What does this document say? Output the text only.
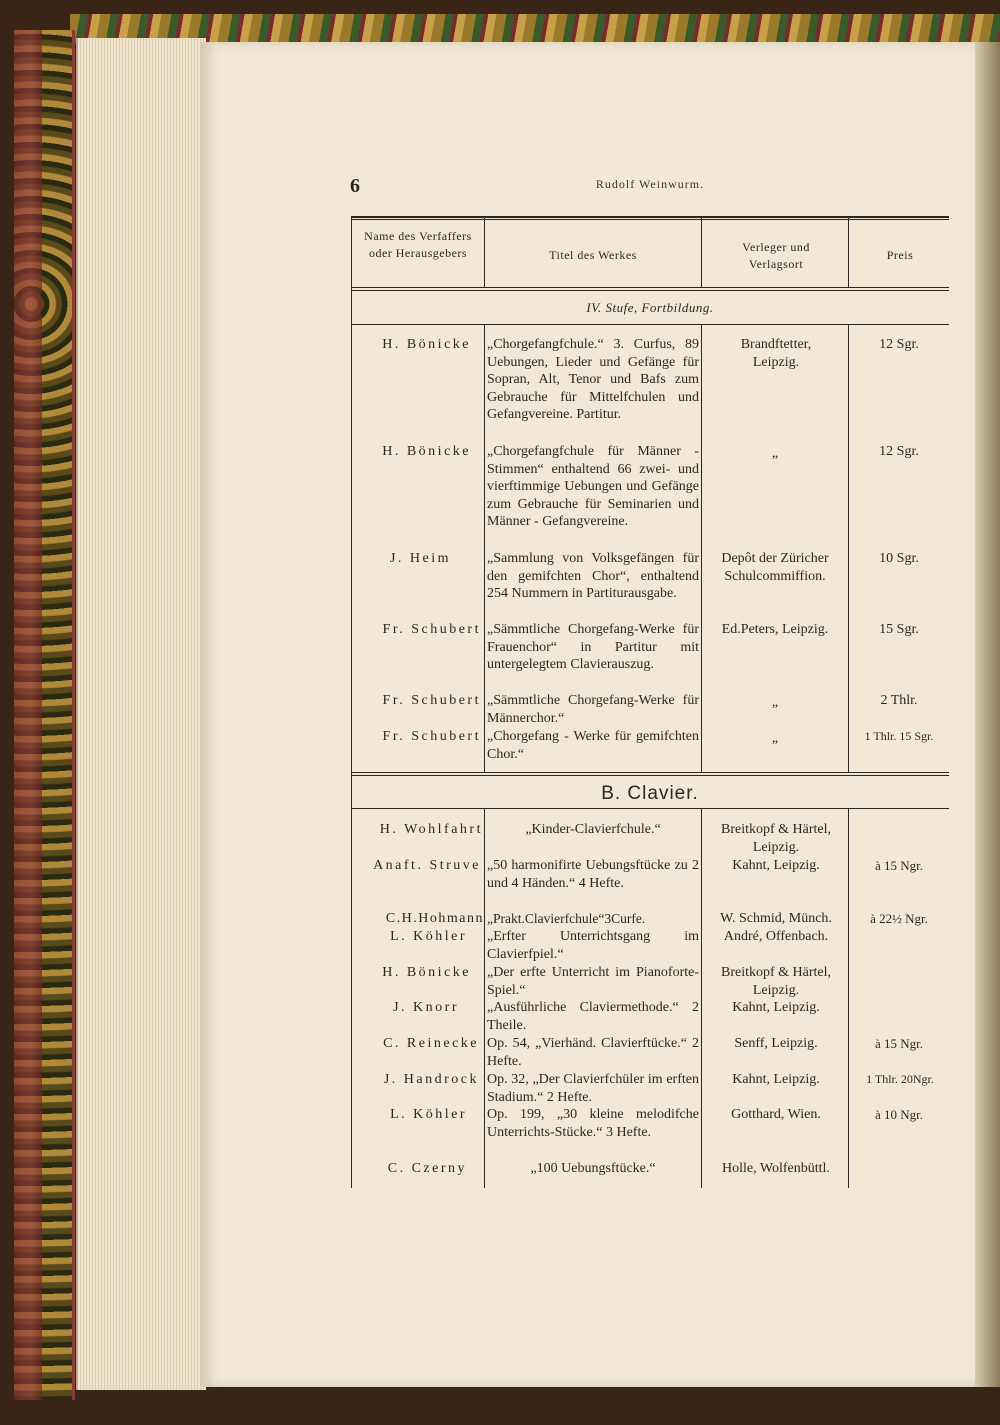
6	Rudolf Weinwurm.
Name des Verfaffers oder Herausgebers	Titel des Werkes
Verleger und Verlagsort
Preis
IV. Stufe, Fortbildung.
H. Bönicke
H. Bönicke
J. Heim
Fr. Schubert
Fr. Schubert
Fr. Schubert
„Chorgefangfchule.“ 3. Curfus, 89 Uebungen, Lieder und Gefänge für Sopran, Alt, Tenor und Bafs zum Gebrauche für Mittelfchulen und Gefangvereine. Partitur.
„Chorgefangfchule für Männer - Stimmen“ enthaltend 66 zwei- und vierftimmige Uebungen und Gefänge zum Gebrauche für Seminarien und Männer - Gefangvereine.
„Sammlung von Volksgefängen für den gemifchten Chor“, enthaltend 254 Nummern in Partiturausgabe.
„Sämmtliche Chorgefang-Werke für Frauenchor“ in Partitur mit untergelegtem Clavierauszug.
„Sämmtliche Chorgefang-Werke für Männerchor.“
„Chorgefang - Werke für gemifchten Chor.“
Brandftetter, Leipzig.
„
Depôt der Züricher Schulcommiffion.
Ed.Peters, Leipzig.
„
„
12 Sgr.
12 Sgr.
10 Sgr.
15 Sgr.
2 Thlr.
1 Thlr. 15 Sgr.
B. Clavier.
H. Wohlfahrt
Anaft. Struve
C.H.Hohmann
L. Köhler
H. Bönicke
J. Knorr
C. Reinecke
J. Handrock
L. Köhler
C. Czerny
„Kinder-Clavierfchule.“
„50 harmonifirte Uebungsftücke zu 2 und 4 Händen.“ 4 Hefte.
„Prakt.Clavierfchule“3Curfe.
„Erfter Unterrichtsgang im Clavierfpiel.“
„Der erfte Unterricht im Pianoforte-Spiel.“
„Ausführliche Claviermethode.“ 2 Theile.
Op. 54, „Vierhänd. Clavierftücke.“ 2 Hefte.
Op. 32, „Der Clavierfchüler im erften Stadium.“ 2 Hefte.
Op. 199, „30 kleine melodifche Unterrichts-Stücke.“ 3 Hefte.
„100 Uebungsftücke.“
Breitkopf & Härtel, Leipzig.
Kahnt, Leipzig.
W. Schmid, Münch.
André, Offenbach.
Breitkopf & Härtel, Leipzig.
Kahnt, Leipzig.
Senff, Leipzig.
Kahnt, Leipzig.
Gotthard, Wien.
Holle, Wolfenbüttl.
à 15 Ngr.
à 22½ Ngr.
à 15 Ngr.
1 Thlr. 20Ngr.
à 10 Ngr.
